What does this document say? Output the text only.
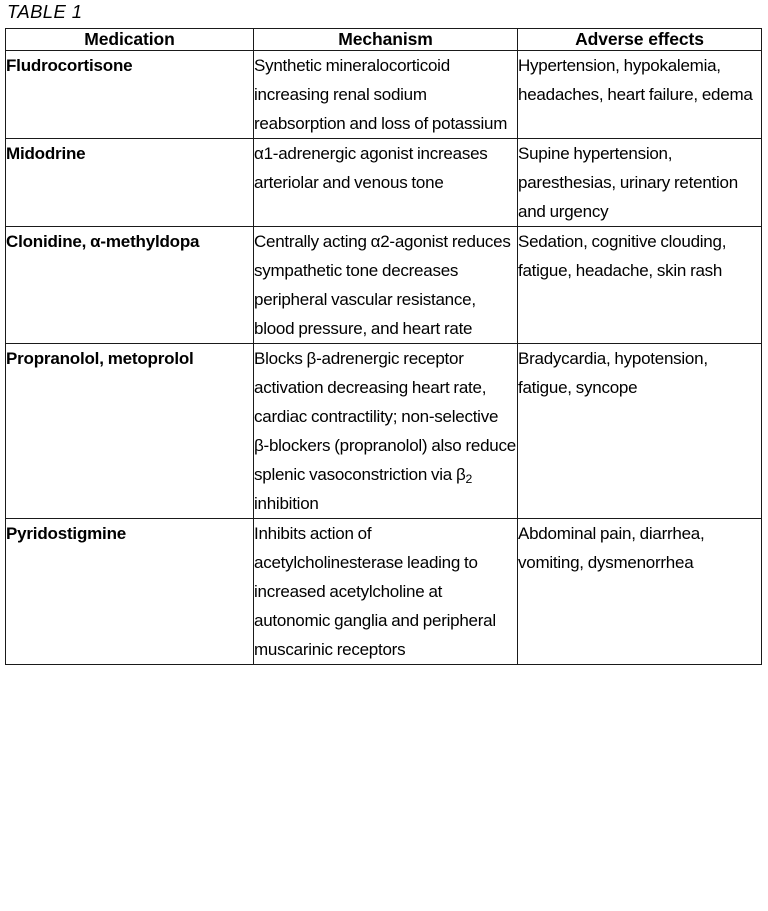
TABLE 1
Medication	Mechanism	Adverse effects

Fludrocortisone	Synthetic mineralocorticoid increasing renal sodium reabsorption and loss of potassium	Hypertension, hypokalemia, headaches, heart failure, edema

Midodrine	α1-adrenergic agonist increases arteriolar and venous tone	Supine hypertension, paresthesias, urinary retention and urgency

Clonidine, α-methyldopa	Centrally acting α2-agonist reduces sympathetic tone decreases peripheral vascular resistance, blood pressure, and heart rate	Sedation, cognitive clouding, fatigue, headache, skin rash

Propranolol, metoprolol	Blocks β-adrenergic receptor activation decreasing heart rate, cardiac contractility; non-selective β-blockers (propranolol) also reduce splenic vasoconstriction via $\beta_2$ inhibition	Bradycardia, hypotension, fatigue, syncope

Pyridostigmine	Inhibits action of acetylcholinesterase leading to increased acetylcholine at autonomic ganglia and peripheral muscarinic receptors	Abdominal pain, diarrhea, vomiting, dysmenorrhea
